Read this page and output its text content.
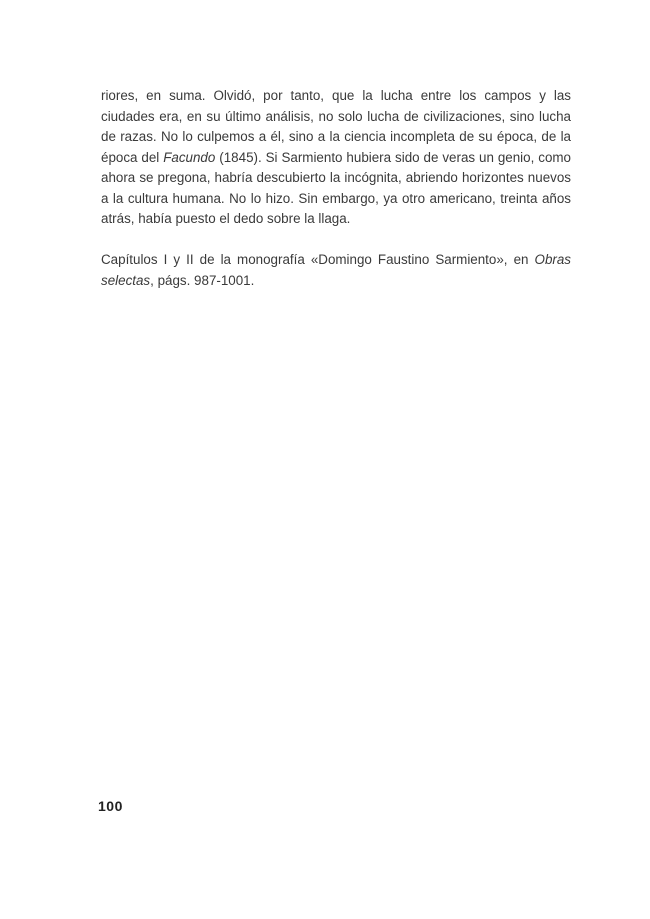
riores, en suma. Olvidó, por tanto, que la lucha entre los campos y las ciudades era, en su último análisis, no solo lucha de civilizaciones, sino lucha de razas. No lo culpemos a él, sino a la ciencia incompleta de su época, de la época del Facundo (1845). Si Sarmiento hubiera sido de veras un genio, como ahora se pregona, habría descubierto la incógnita, abriendo horizontes nuevos a la cultura humana. No lo hizo. Sin embargo, ya otro americano, treinta años atrás, había puesto el dedo sobre la llaga.

Capítulos I y II de la monografía «Domingo Faustino Sarmiento», en Obras selectas, págs. 987-1001.

100
